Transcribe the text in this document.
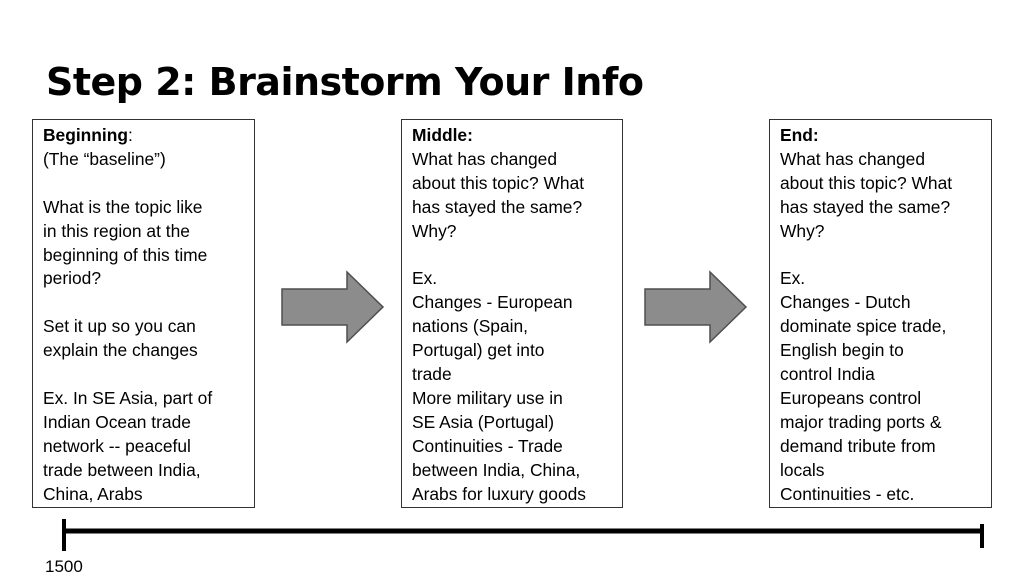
Step 2: Brainstorm Your Info

Beginning:

(The “baseline”)

What is the topic like
in this region at the
beginning of this time
period?

Set it up so you can
explain the changes

Ex. In SE Asia, part of
Indian Ocean trade
network -- peaceful
trade between India,
China, Arabs

Middle:

What has changed
about this topic? What
has stayed the same?
Why?

Ex.
Changes - European
nations (Spain,
Portugal) get into
trade
More military use in
SE Asia (Portugal)
Continuities - Trade
between India, China,
Arabs for luxury goods

End:

What has changed
about this topic? What
has stayed the same?
Why?

Ex.
Changes - Dutch
dominate spice trade,
English begin to
control India
Europeans control
major trading ports &
demand tribute from
locals
Continuities - etc.

1500
